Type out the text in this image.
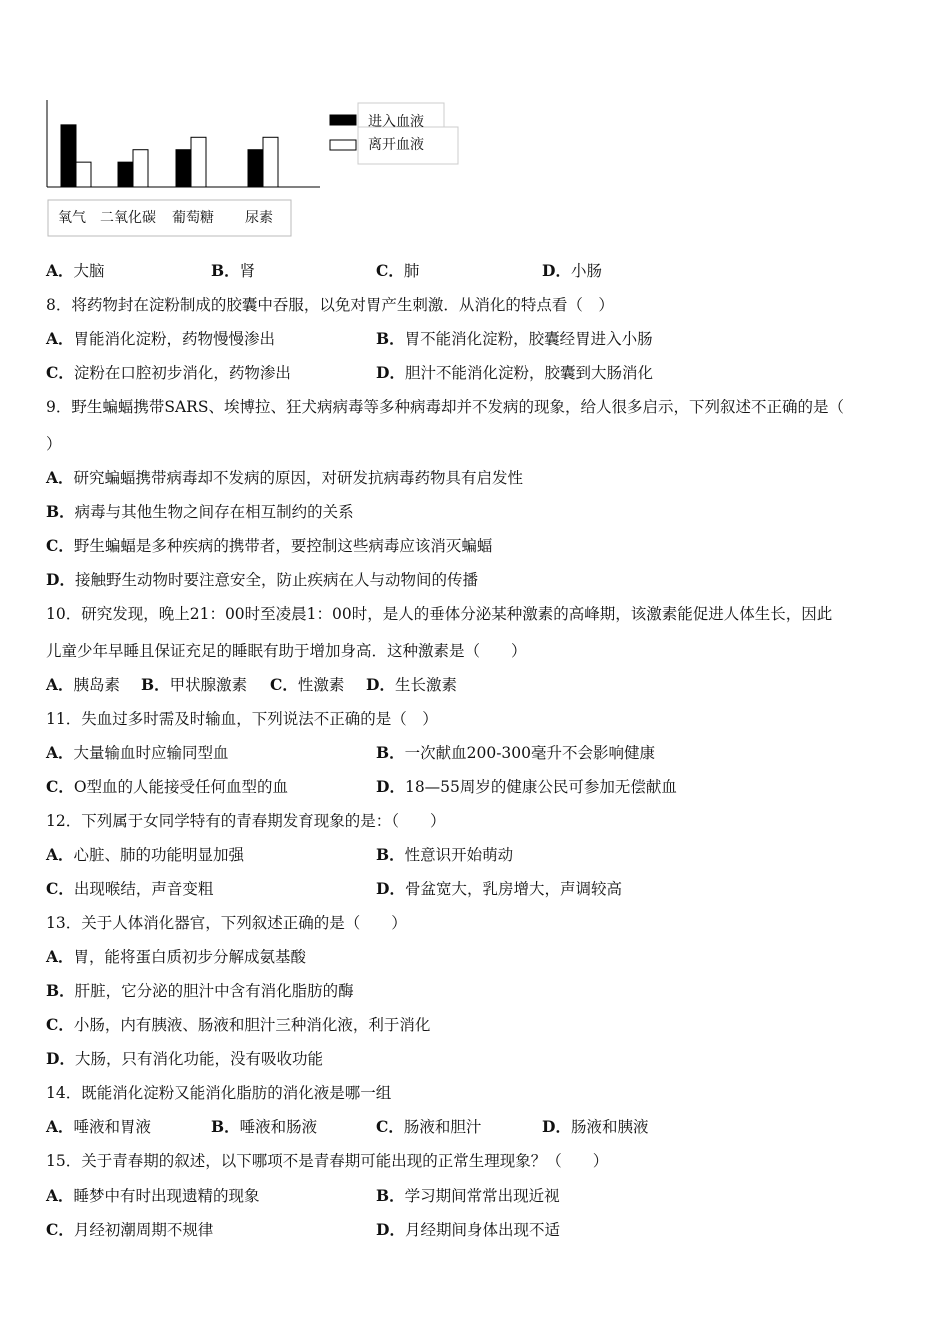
氧气 二氧化碳 葡萄糖 尿素
进入血液
离开血液
A．大脑	B．肾	C．肺	D．小肠
8．将药物封在淀粉制成的胶囊中吞服，以免对胃产生刺激．从消化的特点看（　）
A．胃能消化淀粉，药物慢慢渗出	B．胃不能消化淀粉，胶囊经胃进入小肠
C．淀粉在口腔初步消化，药物渗出	D．胆汁不能消化淀粉，胶囊到大肠消化
9．野生蝙蝠携带SARS、埃博拉、狂犬病病毒等多种病毒却并不发病的现象，给人很多启示，下列叙述不正确的是（
）
A．研究蝙蝠携带病毒却不发病的原因，对研发抗病毒药物具有启发性
B．病毒与其他生物之间存在相互制约的关系
C．野生蝙蝠是多种疾病的携带者，要控制这些病毒应该消灭蝙蝠
D．接触野生动物时要注意安全，防止疾病在人与动物间的传播
10．研究发现，晚上21：00时至凌晨1：00时，是人的垂体分泌某种激素的高峰期，该激素能促进人体生长，因此
儿童少年早睡且保证充足的睡眠有助于增加身高．这种激素是（　　）
A．胰岛素 B．甲状腺激素 C．性激素 D．生长激素
11．失血过多时需及时输血，下列说法不正确的是（　）
A．大量输血时应输同型血	B．一次献血200-300毫升不会影响健康
C．O型血的人能接受任何血型的血	D．18—55周岁的健康公民可参加无偿献血
12．下列属于女同学特有的青春期发育现象的是：（　　）
A．心脏、肺的功能明显加强	B．性意识开始萌动
C．出现喉结，声音变粗	D．骨盆宽大，乳房增大，声调较高
13．关于人体消化器官，下列叙述正确的是（　　）
A．胃，能将蛋白质初步分解成氨基酸
B．肝脏，它分泌的胆汁中含有消化脂肪的酶
C．小肠，内有胰液、肠液和胆汁三种消化液，利于消化
D．大肠，只有消化功能，没有吸收功能
14．既能消化淀粉又能消化脂肪的消化液是哪一组
A．唾液和胃液	B．唾液和肠液	C．肠液和胆汁	D．肠液和胰液
15．关于青春期的叙述，以下哪项不是青春期可能出现的正常生理现象？（　　）
A．睡梦中有时出现遗精的现象	B．学习期间常常出现近视
C．月经初潮周期不规律	D．月经期间身体出现不适
